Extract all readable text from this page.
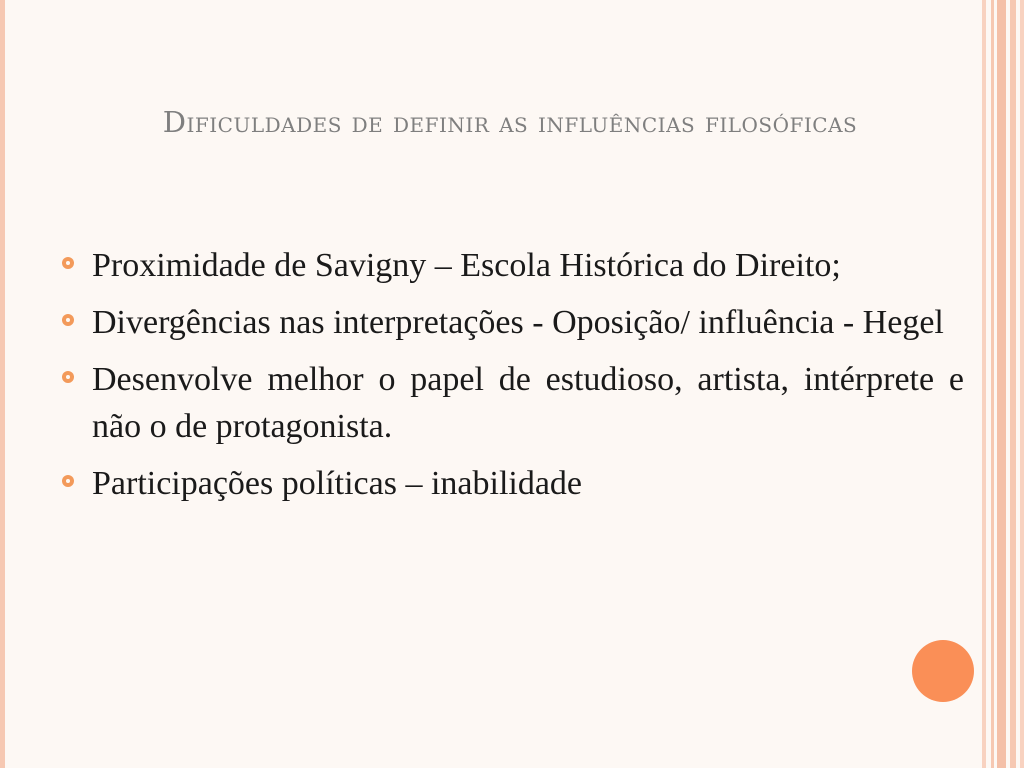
Dificuldades de definir as influências filosóficas
Proximidade de Savigny – Escola Histórica do Direito;
Divergências nas interpretações - Oposição/ influência - Hegel
Desenvolve melhor o papel de estudioso, artista, intérprete e não o de protagonista.
Participações políticas – inabilidade
